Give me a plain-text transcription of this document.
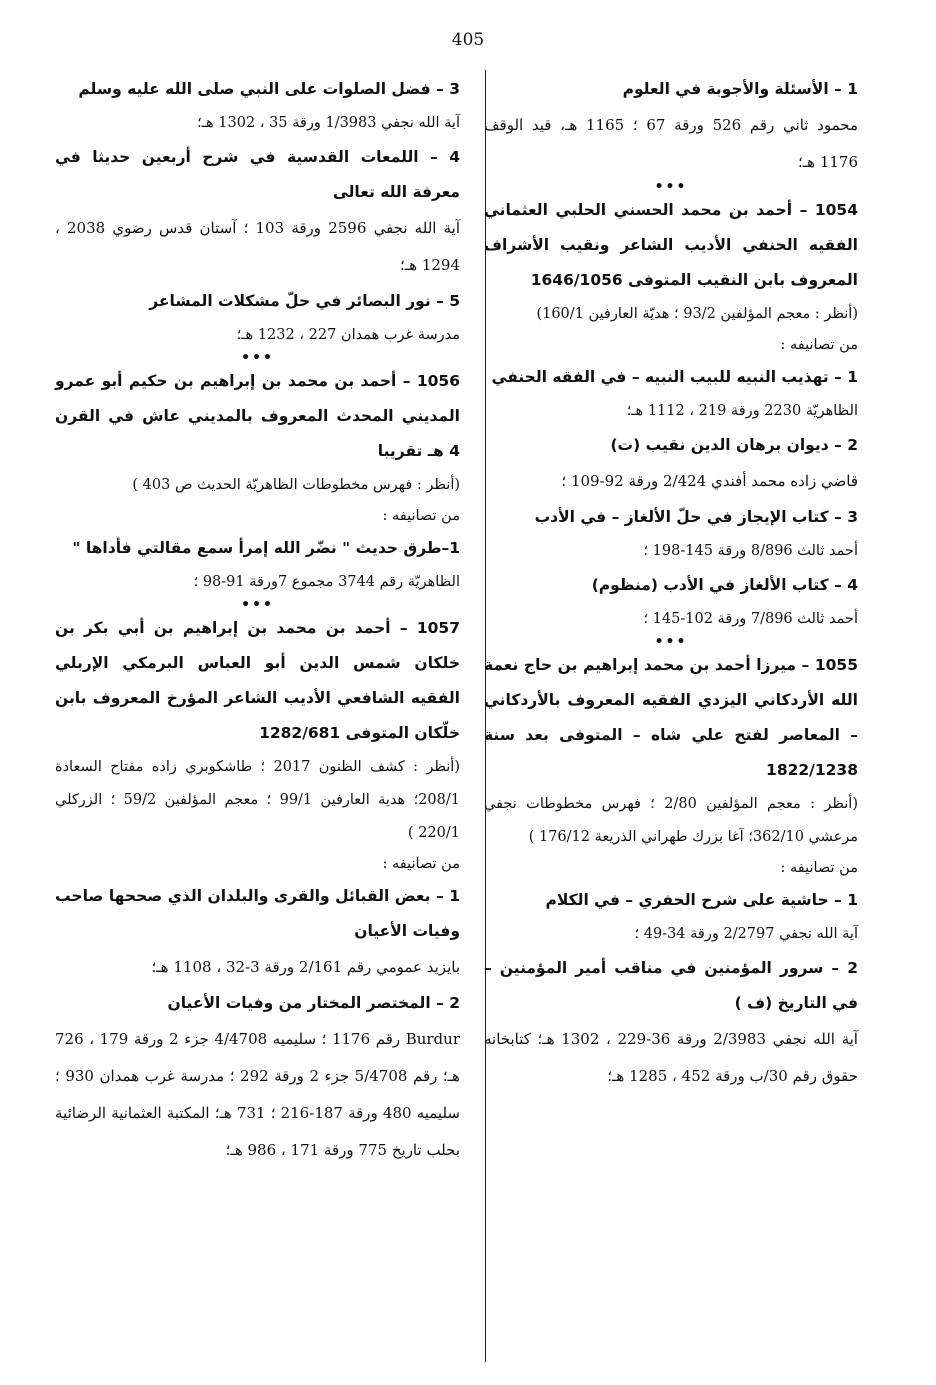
405

1 – الأسئلة والأجوبة في العلوم

محمود ثاني رقم 526 ورقة 67 ؛ 1165 هـ، قيد الوقف 1176 هـ؛

•••

1054 – أحمد بن محمد الحسني الحلبي العثماني الفقيه الحنفي الأديب الشاعر ونقيب الأشراف المعروف بابن النقيب المتوفى 1646/1056

(أنظر : معجم المؤلفين 93/2 ؛ هديّة العارفين 160/1)

من تصانيفه :

1 – تهذيب النبيه للبيب النبيه – في الفقه الحنفي

الظاهريّة 2230 ورقة 219 ، 1112 هـ؛

2 – ديوان برهان الدين نقيب (ت)

قاضي زاده محمد أفندي 2/424 ورقة 92-109 ؛

3 – كتاب الإيجاز في حلّ الألغاز – في الأدب

أحمد ثالث 8/896 ورقة 145-198 ؛

4 – كتاب الألغاز في الأدب (منظوم)

أحمد ثالث 7/896 ورقة 102-145 ؛

•••

1055 – ميرزا أحمد بن محمد إبراهيم بن حاج نعمة الله الأردكاني اليزدي الفقيه المعروف بالأردكاني – المعاصر لفتح علي شاه – المتوفى بعد سنة 1822/1238

(أنظر : معجم المؤلفين 2/80 ؛ فهرس مخطوطات نجفي مرعشي 362/10؛ آغا بزرك طهراني الذريعة 176/12 )

من تصانيفه :

1 – حاشية على شرح الحفري – في الكلام

آية الله نجفي 2/2797 ورقة 34-49 ؛

2 – سرور المؤمنين في مناقب أمير المؤمنين – في التاريخ (ف )

آية الله نجفي 2/3983 ورقة 36-229 ، 1302 هـ؛ كتابخانه حقوق رقم 30/ب ورقة 452 ، 1285 هـ؛

3 – فضل الصلوات على النبي صلى الله عليه وسلم

آية الله نجفي 1/3983 ورقة 35 ، 1302 هـ؛

4 – اللمعات القدسية في شرح أربعين حديثا في معرفة الله تعالى

آية الله نجفي 2596 ورقة 103 ؛ آستان قدس رضوي 2038 ، 1294 هـ؛

5 – نور البصائر في حلّ مشكلات المشاعر

مدرسة غرب همدان 227 ، 1232 هـ؛

•••

1056 – أحمد بن محمد بن إبراهيم بن حكيم أبو عمرو المديني المحدث المعروف بالمديني عاش في القرن 4 هـ تقريبا

(أنظر : فهرس مخطوطات الظاهريّة الحديث ص 403 )

من تصانيفه :

1–طرق حديث " نضّر الله إمرأ سمع مقالتي فأداها "

الظاهريّة رقم 3744 مجموع 7ورقة 91-98 ؛

•••

1057 – أحمد بن محمد بن إبراهيم بن أبي بكر بن خلكان شمس الدين أبو العباس البرمكي الإربلي الفقيه الشافعي الأديب الشاعر المؤرخ المعروف بابن خلّكان المتوفى 1282/681

(أنظر : كشف الظنون 2017 ؛ طاشكوبري زاده مفتاح السعادة 208/1؛ هدية العارفين 99/1 ؛ معجم المؤلفين 59/2 ؛ الزركلي 220/1 )

من تصانيفه :

1 – بعض القبائل والقرى والبلدان الذي صححها صاحب وفيات الأعيان

بايزيد عمومي رقم 2/161 ورقة 3-32 ، 1108 هـ؛

2 – المختصر المختار من وفيات الأعيان

Burdur رقم 1176 ؛ سليميه 4/4708 جزء 2 ورقة 179 ، 726 هـ؛ رقم 5/4708 جزء 2 ورقة 292 ؛ مدرسة غرب همدان 930 ؛ سليميه 480 ورقة 187-216 ؛ 731 هـ؛ المكتبة العثمانية الرضائية بحلب تاريخ 775 ورقة 171 ، 986 هـ؛
